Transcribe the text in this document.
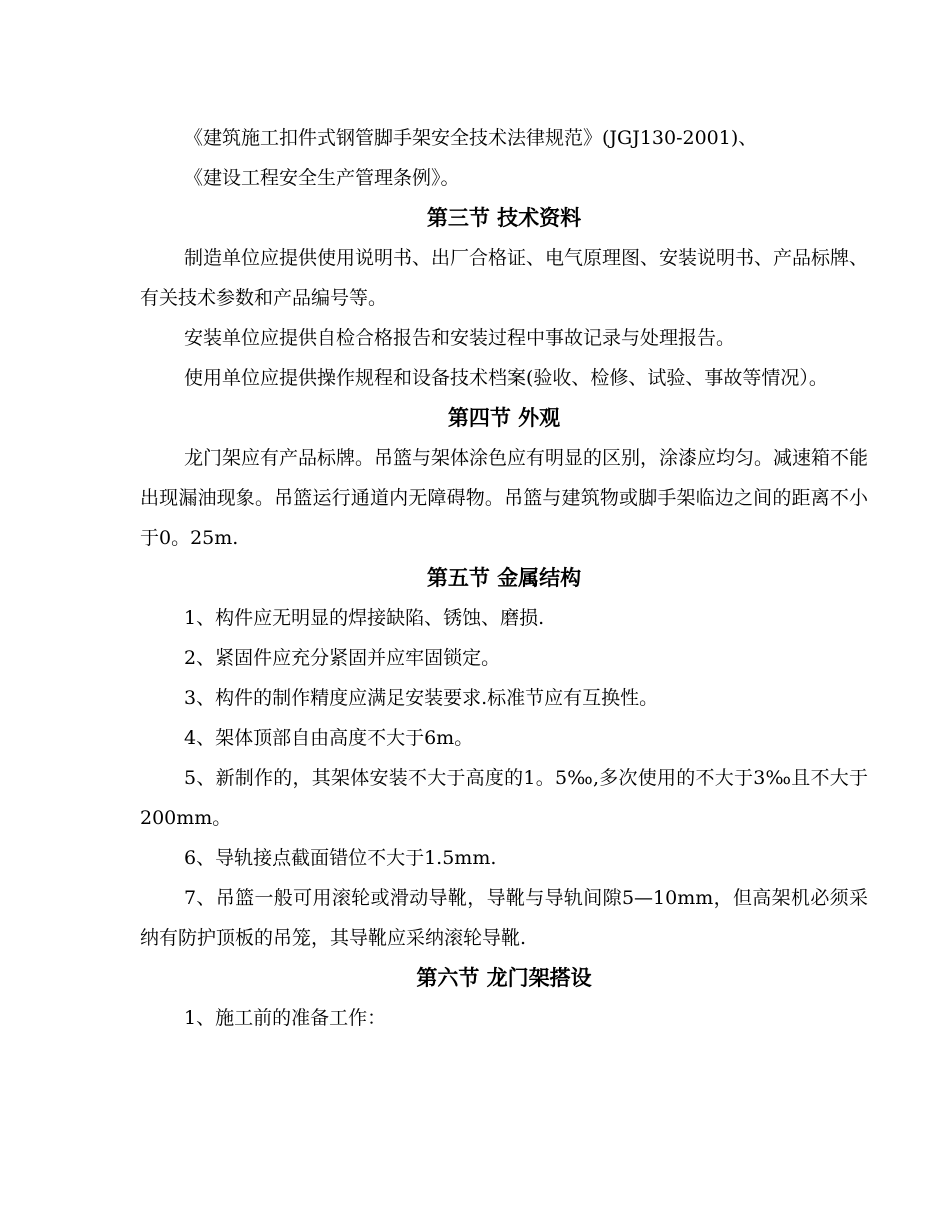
《建筑施工扣件式钢管脚手架安全技术法律规范》(JGJ130-2001)、

《建设工程安全生产管理条例》。

第三节 技术资料

制造单位应提供使用说明书、出厂合格证、电气原理图、安装说明书、产品标牌、有关技术参数和产品编号等。

安装单位应提供自检合格报告和安装过程中事故记录与处理报告。

使用单位应提供操作规程和设备技术档案(验收、检修、试验、事故等情况）。

第四节 外观

龙门架应有产品标牌。吊篮与架体涂色应有明显的区别，涂漆应均匀。减速箱不能出现漏油现象。吊篮运行通道内无障碍物。吊篮与建筑物或脚手架临边之间的距离不小于0。25m.

第五节 金属结构

1、构件应无明显的焊接缺陷、锈蚀、磨损.

2、紧固件应充分紧固并应牢固锁定。

3、构件的制作精度应满足安装要求.标准节应有互换性。

4、架体顶部自由高度不大于6m。

5、新制作的，其架体安装不大于高度的1。5‰,多次使用的不大于3‰且不大于200mm。

6、导轨接点截面错位不大于1.5mm.

7、吊篮一般可用滚轮或滑动导靴，导靴与导轨间隙5—10mm，但高架机必须采纳有防护顶板的吊笼，其导靴应采纳滚轮导靴.

第六节 龙门架搭设

1、施工前的准备工作：
